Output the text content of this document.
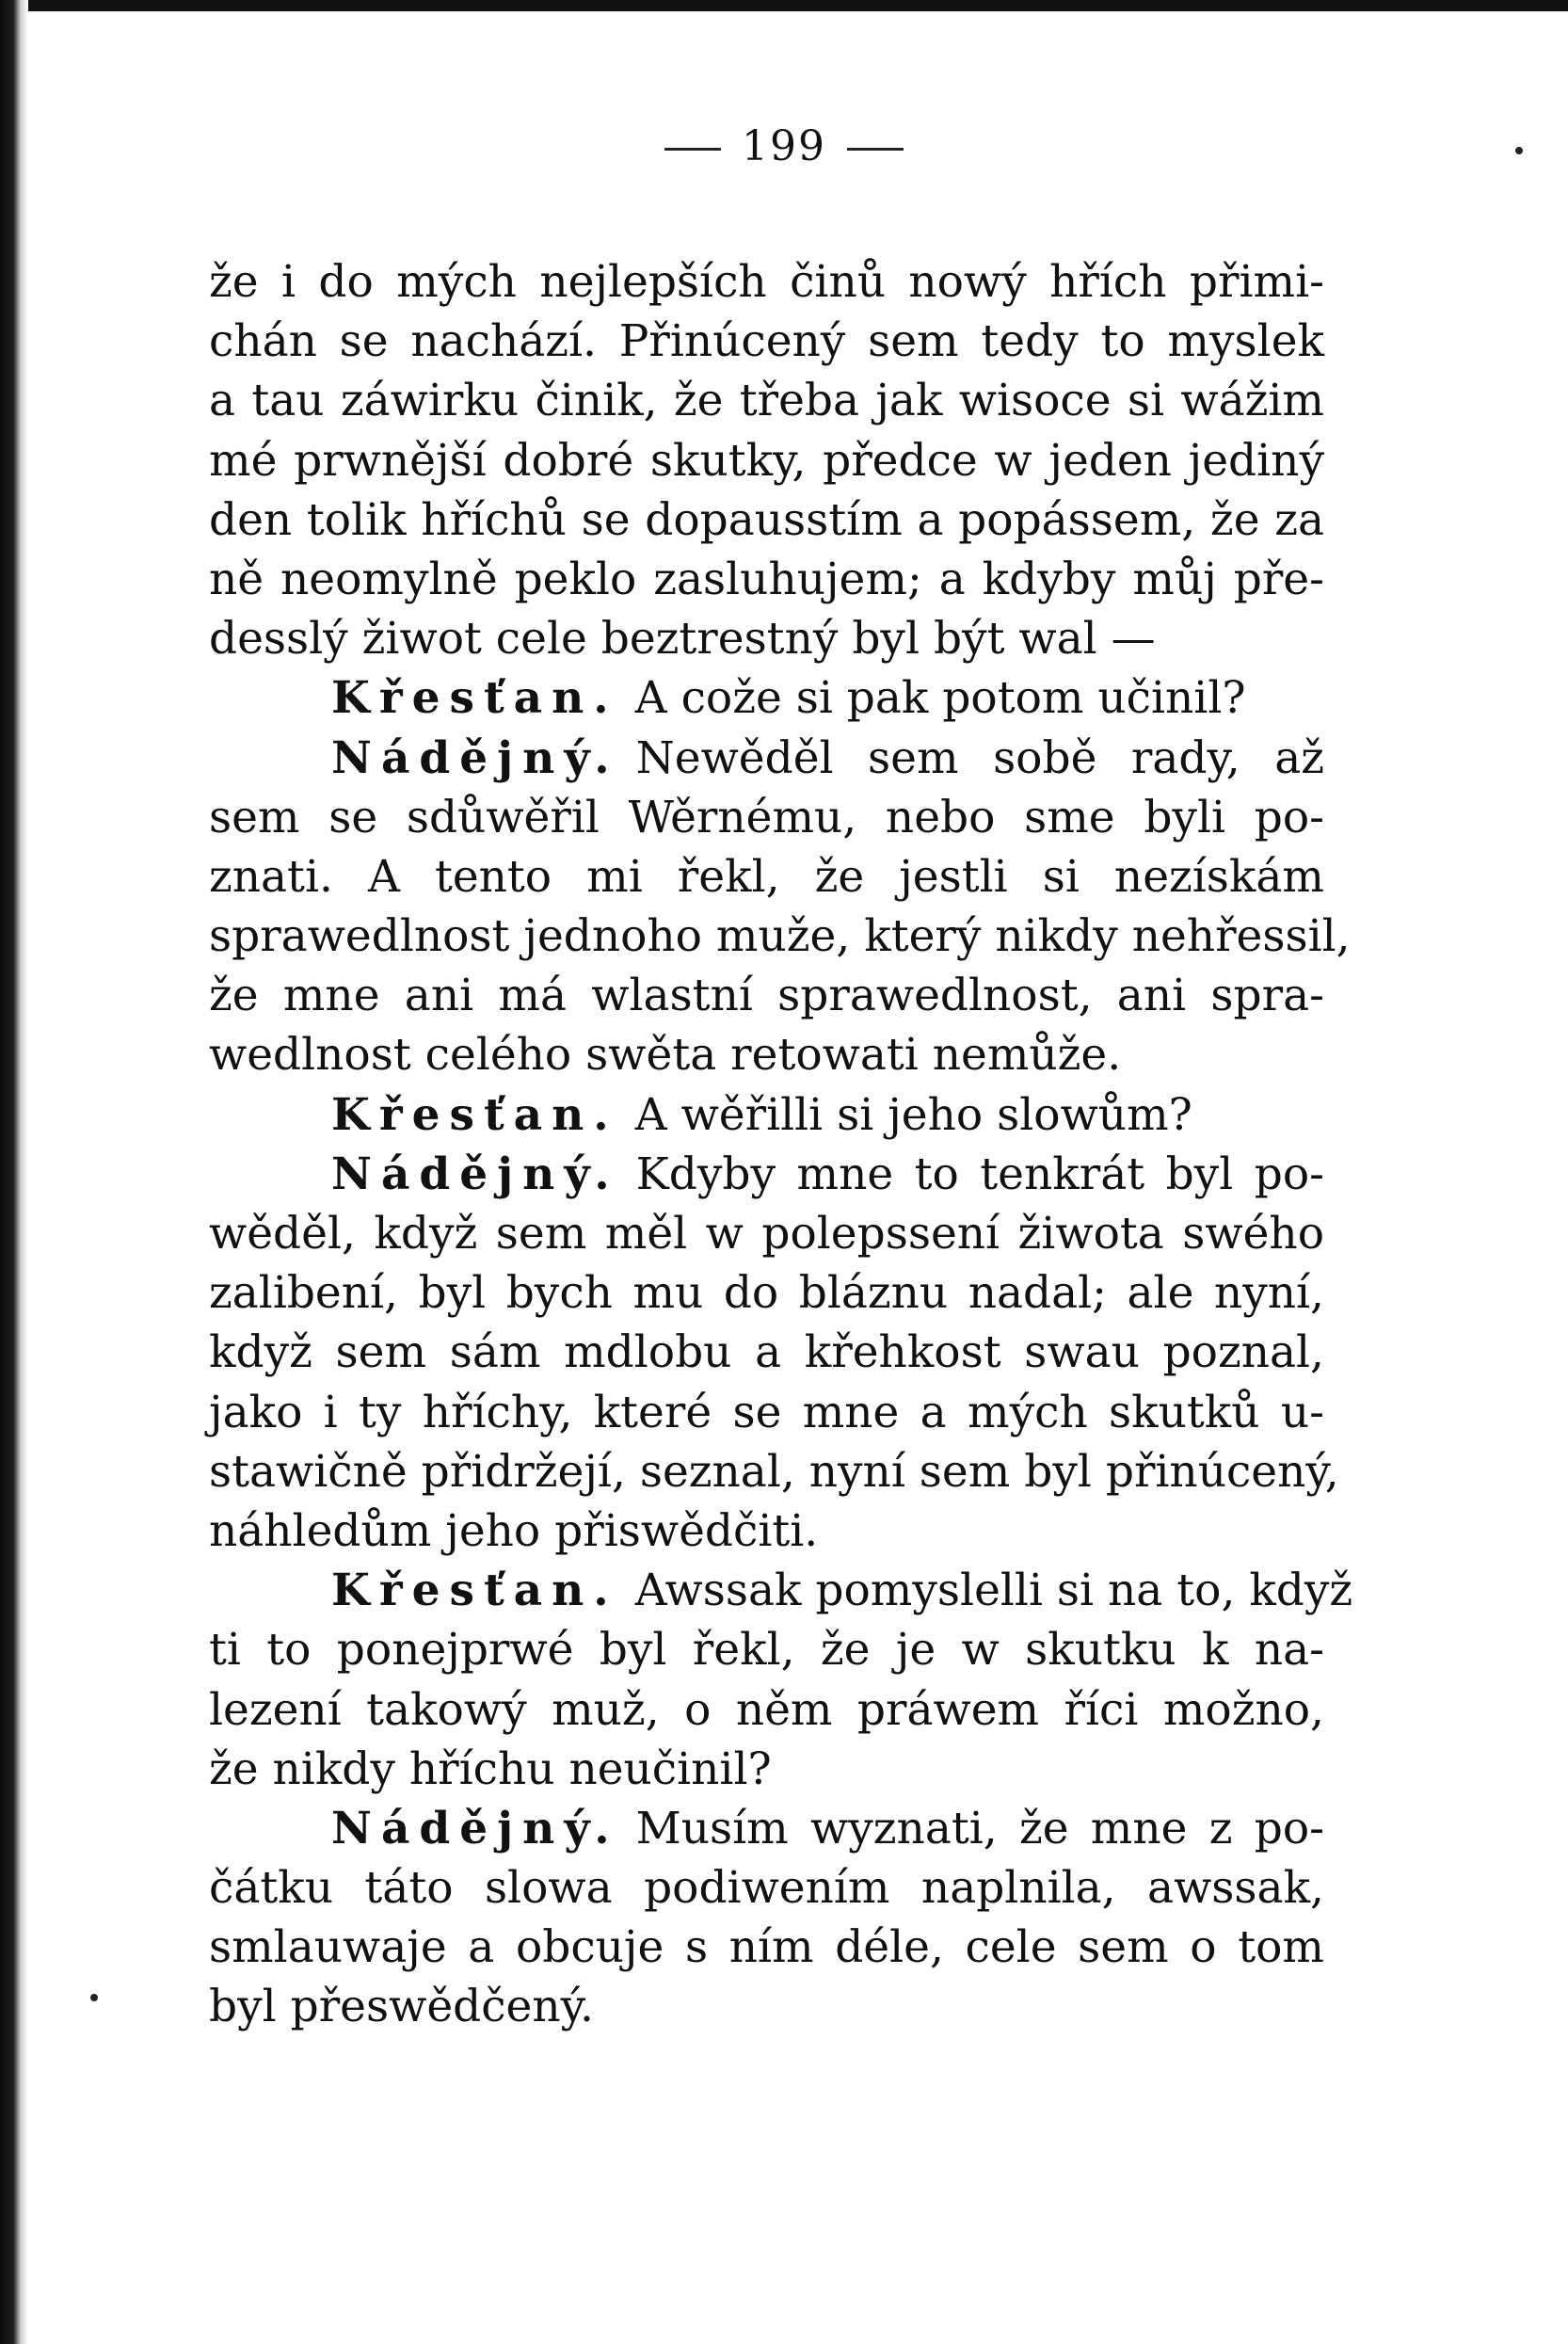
199
že i do mých nejlepších činů nowý hřích přimi-
chán se nachází. Přinúcený sem tedy to myslek
a tau záwirku činik, že třeba jak wisoce si wážim
mé prwnější dobré skutky, předce w jeden jediný
den tolik hříchů se dopausstím a popássem, že za
ně neomylně peklo zasluhujem; a kdyby můj pře-
desslý žiwot cele beztrestný byl být wal —
Křesťan. A cože si pak potom učinil?
Nádějný. Newěděl sem sobě rady, až
sem se sdůwěřil Wěrnému, nebo sme byli po-
znati. A tento mi řekl, že jestli si nezískám
sprawedlnost jednoho muže, který nikdy nehřessil,
že mne ani má wlastní sprawedlnost, ani spra-
wedlnost celého swěta retowati nemůže.
Křesťan. A wěřilli si jeho slowům?
Nádějný. Kdyby mne to tenkrát byl po-
wěděl, když sem měl w polepssení žiwota swého
zalibení, byl bych mu do bláznu nadal; ale nyní,
když sem sám mdlobu a křehkost swau poznal,
jako i ty hříchy, které se mne a mých skutků u-
stawičně přidržejí, seznal, nyní sem byl přinúcený,
náhledům jeho přiswědčiti.
Křesťan. Awssak pomyslelli si na to, když
ti to ponejprwé byl řekl, že je w skutku k na-
lezení takowý muž, o něm práwem říci možno,
že nikdy hříchu neučinil?
Nádějný. Musím wyznati, že mne z po-
čátku táto slowa podiwením naplnila, awssak,
smlauwaje a obcuje s ním déle, cele sem o tom
byl přeswědčený.
